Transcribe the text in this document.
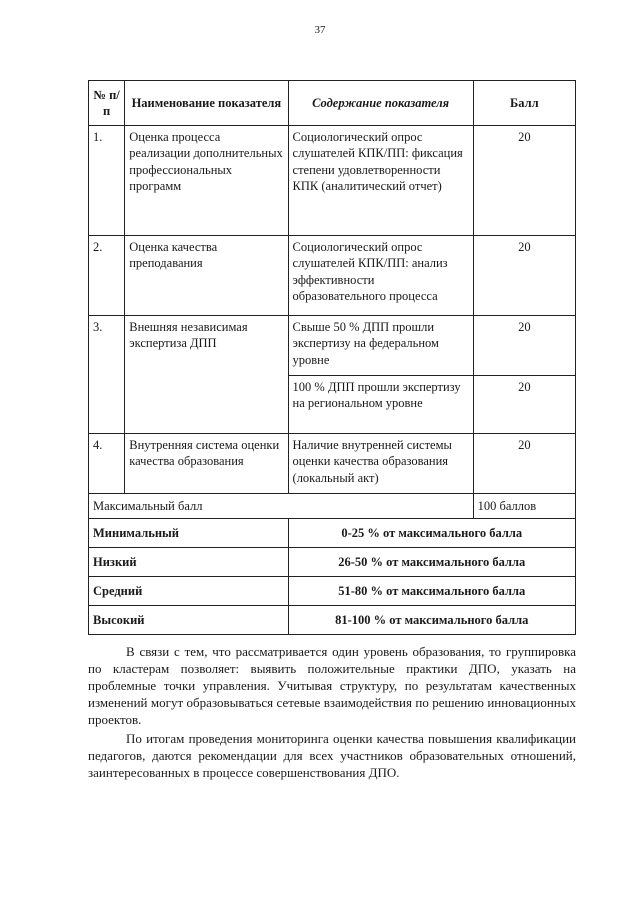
37
№ п/п	Наименование показателя	Содержание показателя	Балл
1.	Оценка процесса реализации дополнительных профессиональных программ	Социологический опрос слушателей КПК/ПП: фиксация степени удовлетворенности КПК (аналитический отчет)	20
2.	Оценка качества преподавания	Социологический опрос слушателей КПК/ПП: анализ эффективности образовательного процесса	20
3.	Внешняя независимая экспертиза ДПП	Свыше 50 % ДПП прошли экспертизу на федеральном уровне	20
		100 % ДПП прошли экспертизу на региональном уровне	20
4.	Внутренняя система оценки качества образования	Наличие внутренней системы оценки качества образования (локальный акт)	20
Максимальный балл			100 баллов
Минимальный		0-25 % от максимального балла	
Низкий		26-50 % от максимального балла	
Средний		51-80 % от максимального балла	
Высокий		81-100 % от максимального балла	

В связи с тем, что рассматривается один уровень образования, то группировка по кластерам позволяет: выявить положительные практики ДПО, указать на проблемные точки управления. Учитывая структуру, по результатам качественных изменений могут образовываться сетевые взаимодействия по решению инновационных проектов.

По итогам проведения мониторинга оценки качества повышения квалификации педагогов, даются рекомендации для всех участников образовательных отношений, заинтересованных в процессе совершенствования ДПО.
